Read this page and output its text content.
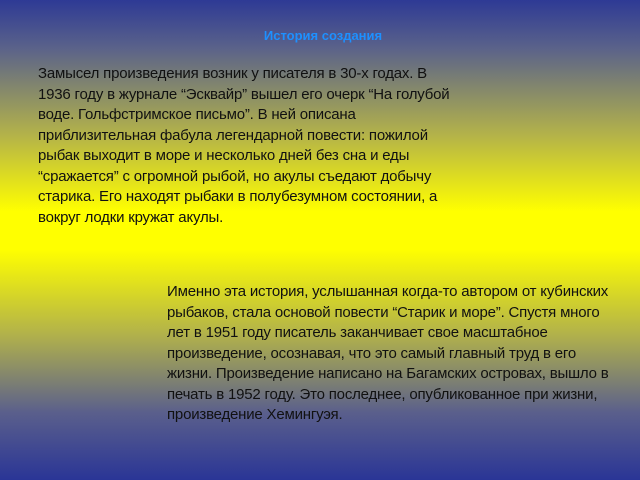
История создания
Замысел произведения возник у писателя в 30-х годах. В 1936 году в журнале “Эсквайр” вышел его очерк “На голубой воде. Гольфстримское письмо”. В ней описана приблизительная фабула легендарной повести: пожилой рыбак выходит в море и несколько дней без сна и еды “сражается” с огромной рыбой, но акулы съедают добычу старика. Его находят рыбаки в полубезумном состоянии, а вокруг лодки кружат акулы.
Именно эта история, услышанная когда-то автором от кубинских рыбаков, стала основой повести “Старик и море”. Спустя много лет в 1951 году писатель заканчивает свое масштабное произведение, осознавая, что это самый главный труд в его жизни. Произведение написано на Багамских островах, вышло в печать в 1952 году. Это последнее, опубликованное при жизни, произведение Хемингуэя.
